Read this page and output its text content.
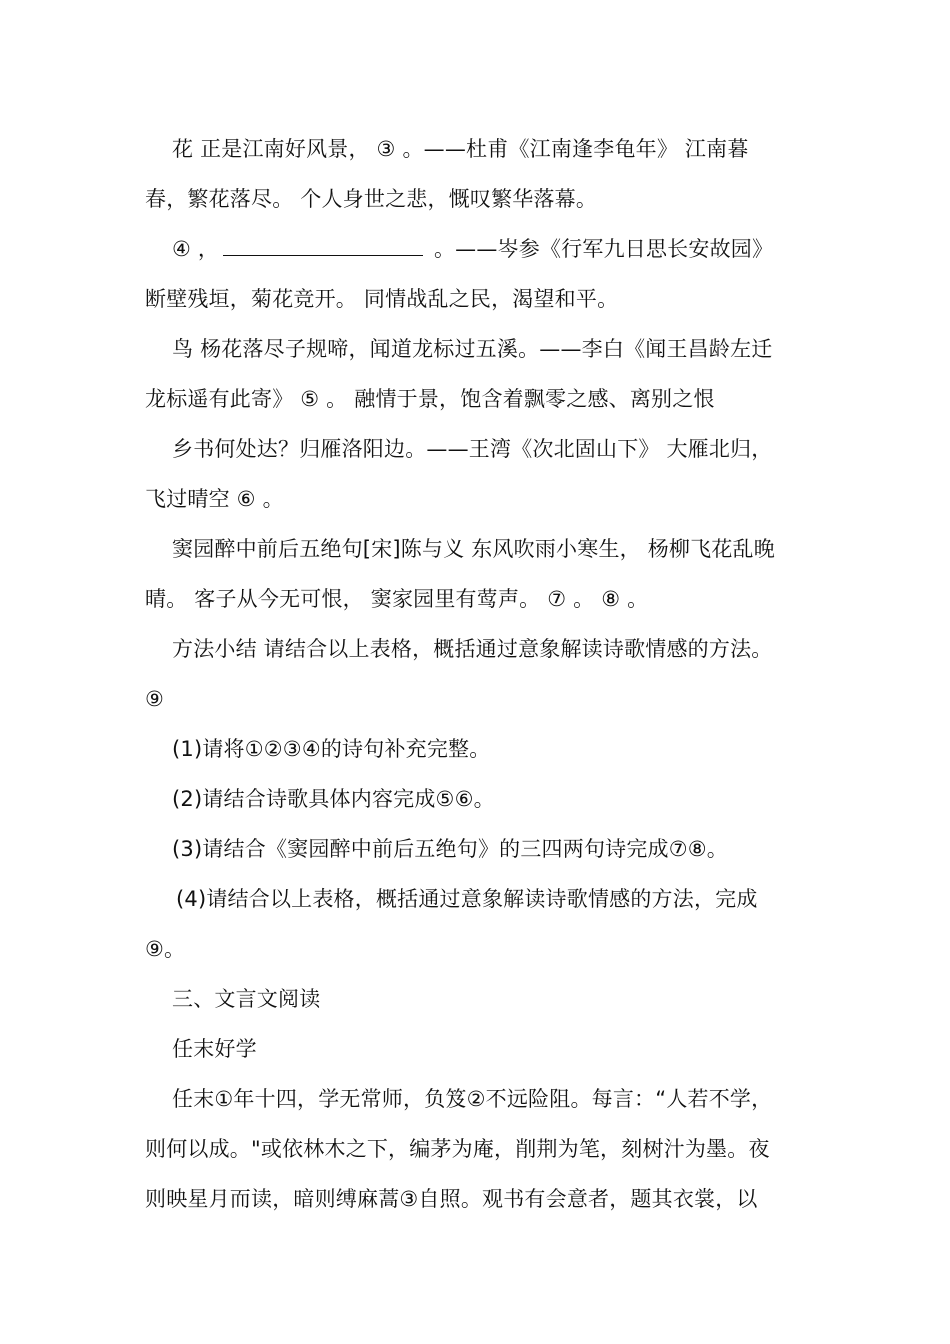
花 正是江南好风景， ③ 。——杜甫《江南逢李龟年》 江南暮
春，繁花落尽。 个人身世之悲，慨叹繁华落幕。
④ ，	。——岑参《行军九日思长安故园》
断壁残垣，菊花竞开。 同情战乱之民，渴望和平。
鸟 杨花落尽子规啼，闻道龙标过五溪。——李白《闻王昌龄左迁
龙标遥有此寄》 ⑤ 。 融情于景，饱含着飘零之感、离别之恨
乡书何处达？归雁洛阳边。——王湾《次北固山下》 大雁北归，
飞过晴空 ⑥ 。
窦园醉中前后五绝句[宋]陈与义 东风吹雨小寒生， 杨柳飞花乱晚
晴。 客子从今无可恨， 窦家园里有莺声。 ⑦ 。 ⑧ 。
方法小结 请结合以上表格，概括通过意象解读诗歌情感的方法。
⑨
(1)请将①②③④的诗句补充完整。
(2)请结合诗歌具体内容完成⑤⑥。
(3)请结合《窦园醉中前后五绝句》的三四两句诗完成⑦⑧。
(4)请结合以上表格，概括通过意象解读诗歌情感的方法，完成
⑨。
三、文言文阅读
任末好学
任末①年十四，学无常师，负笈②不远险阻。每言：“人若不学，
则何以成。"或依林木之下，编茅为庵，削荆为笔，刻树汁为墨。夜
则映星月而读，暗则缚麻蒿③自照。观书有会意者，题其衣裳，以
